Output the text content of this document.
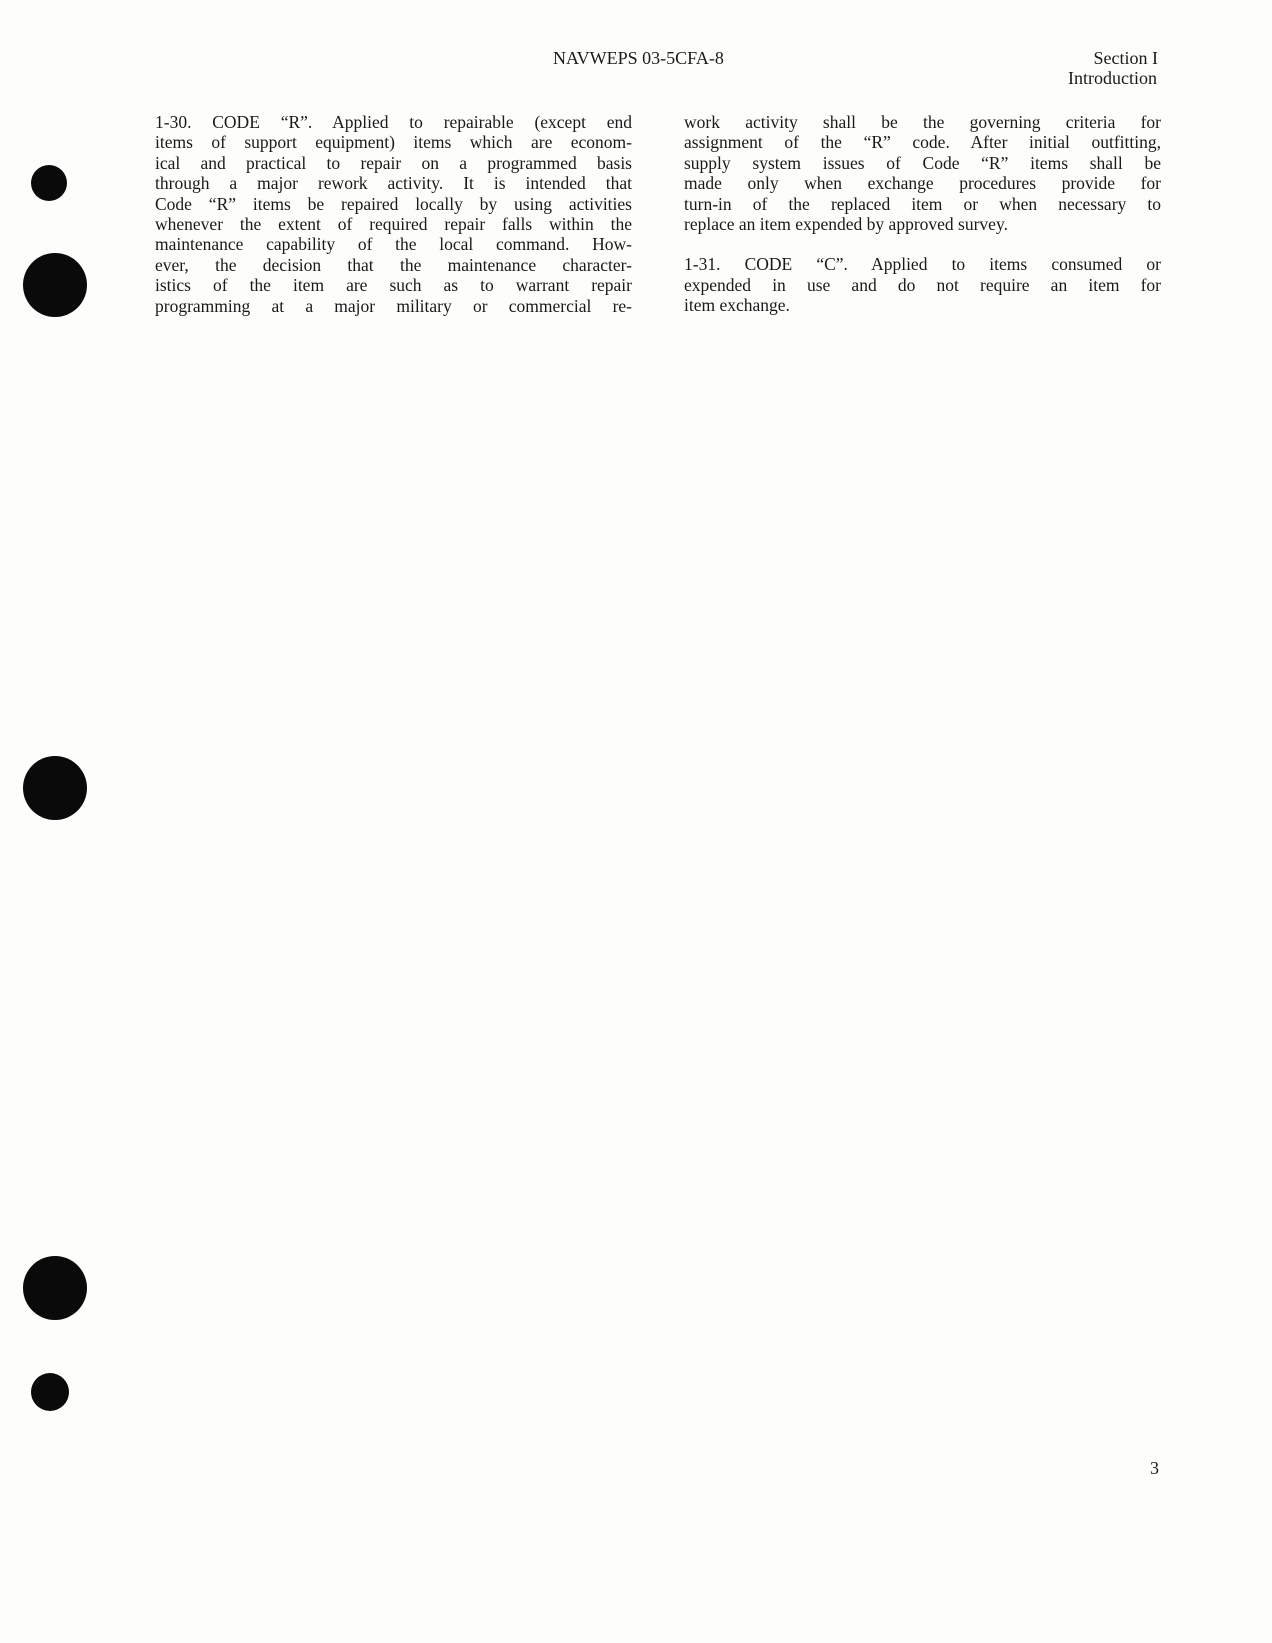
NAVWEPS 03-5CFA-8	Section I
Introduction
1-30. CODE “R”. Applied to repairable (except end
items of support equipment) items which are econom-
ical and practical to repair on a programmed basis
through a major rework activity. It is intended that
Code “R” items be repaired locally by using activities
whenever the extent of required repair falls within the
maintenance capability of the local command. How-
ever, the decision that the maintenance character-
istics of the item are such as to warrant repair
programming at a major military or commercial re-
work activity shall be the governing criteria for
assignment of the “R” code. After initial outfitting,
supply system issues of Code “R” items shall be
made only when exchange procedures provide for
turn-in of the replaced item or when necessary to
replace an item expended by approved survey.
1-31. CODE “C”. Applied to items consumed or
expended in use and do not require an item for
item exchange.
3
